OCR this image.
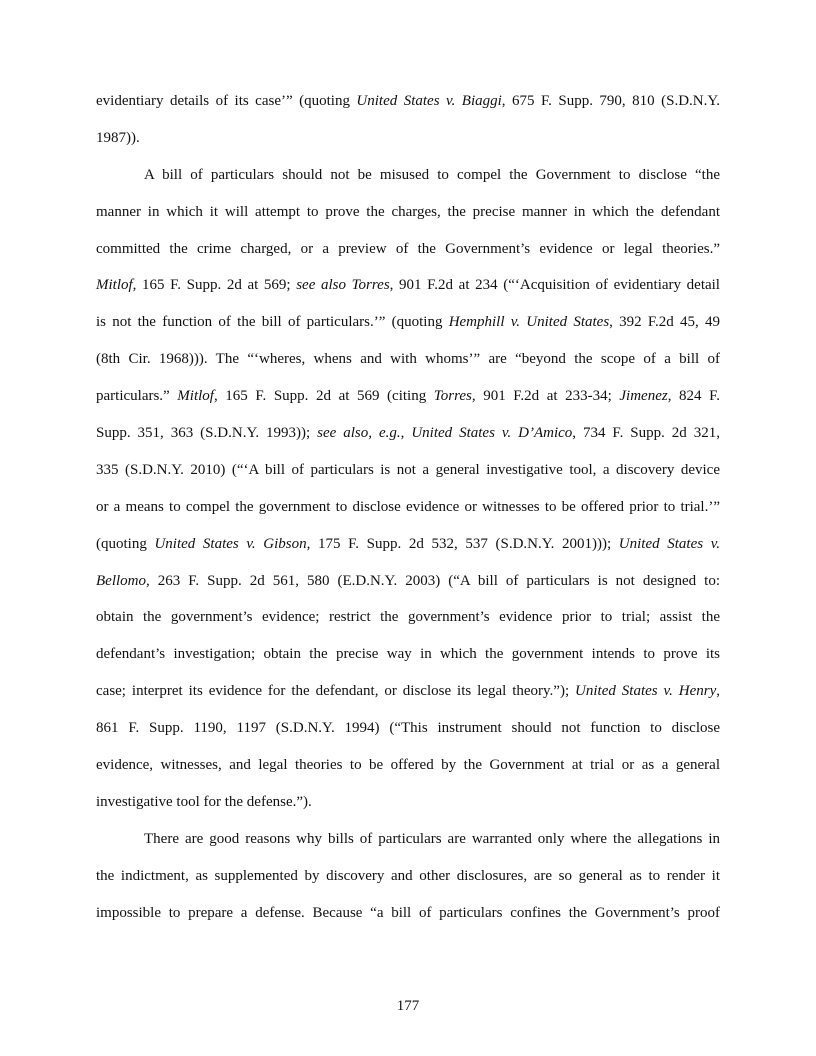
evidentiary details of its case’” (quoting United States v. Biaggi, 675 F. Supp. 790, 810 (S.D.N.Y.
1987)).
A bill of particulars should not be misused to compel the Government to disclose “the
manner in which it will attempt to prove the charges, the precise manner in which the defendant
committed the crime charged, or a preview of the Government’s evidence or legal theories.”
Mitlof, 165 F. Supp. 2d at 569; see also Torres, 901 F.2d at 234 (“‘Acquisition of evidentiary detail
is not the function of the bill of particulars.’” (quoting Hemphill v. United States, 392 F.2d 45, 49
(8th Cir. 1968))). The “‘wheres, whens and with whoms’” are “beyond the scope of a bill of
particulars.” Mitlof, 165 F. Supp. 2d at 569 (citing Torres, 901 F.2d at 233-34; Jimenez, 824 F.
Supp. 351, 363 (S.D.N.Y. 1993)); see also, e.g., United States v. D’Amico, 734 F. Supp. 2d 321,
335 (S.D.N.Y. 2010) (“‘A bill of particulars is not a general investigative tool, a discovery device
or a means to compel the government to disclose evidence or witnesses to be offered prior to trial.’”
(quoting United States v. Gibson, 175 F. Supp. 2d 532, 537 (S.D.N.Y. 2001))); United States v.
Bellomo, 263 F. Supp. 2d 561, 580 (E.D.N.Y. 2003) (“A bill of particulars is not designed to:
obtain the government’s evidence; restrict the government’s evidence prior to trial; assist the
defendant’s investigation; obtain the precise way in which the government intends to prove its
case; interpret its evidence for the defendant, or disclose its legal theory.”); United States v. Henry,
861 F. Supp. 1190, 1197 (S.D.N.Y. 1994) (“This instrument should not function to disclose
evidence, witnesses, and legal theories to be offered by the Government at trial or as a general
investigative tool for the defense.”).
There are good reasons why bills of particulars are warranted only where the allegations in
the indictment, as supplemented by discovery and other disclosures, are so general as to render it
impossible to prepare a defense. Because “a bill of particulars confines the Government’s proof
177
